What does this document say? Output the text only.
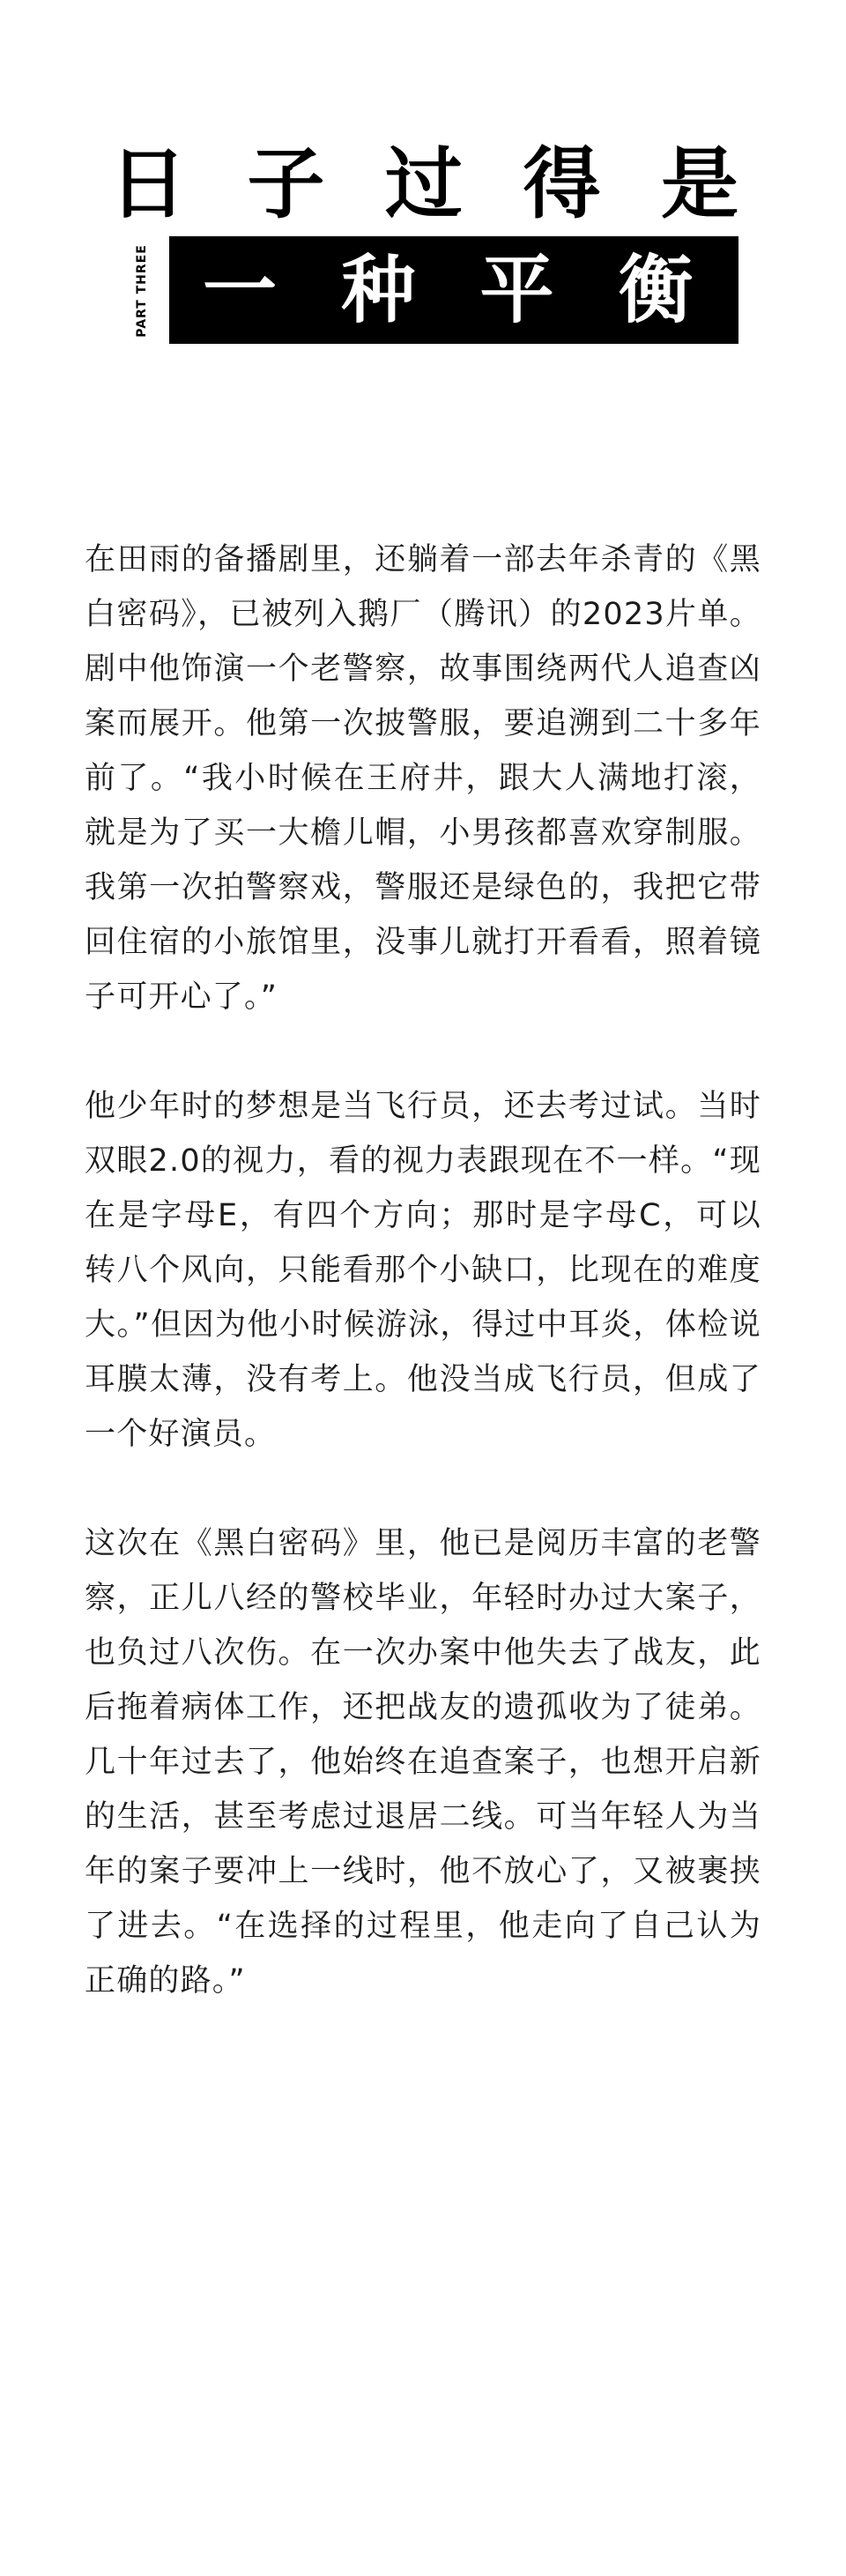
日 子 过 得 是
PART THREE 一 种 平 衡

在田雨的备播剧里，还躺着一部去年杀青的《黑白密码》，已被列入鹅厂（腾讯）的2023片单。剧中他饰演一个老警察，故事围绕两代人追查凶案而展开。他第一次披警服，要追溯到二十多年前了。“我小时候在王府井，跟大人满地打滚，就是为了买一大檐儿帽，小男孩都喜欢穿制服。我第一次拍警察戏，警服还是绿色的，我把它带回住宿的小旅馆里，没事儿就打开看看，照着镜子可开心了。”

他少年时的梦想是当飞行员，还去考过试。当时双眼2.0的视力，看的视力表跟现在不一样。“现在是字母E，有四个方向；那时是字母C，可以转八个风向，只能看那个小缺口，比现在的难度大。”但因为他小时候游泳，得过中耳炎，体检说耳膜太薄，没有考上。他没当成飞行员，但成了一个好演员。

这次在《黑白密码》里，他已是阅历丰富的老警察，正儿八经的警校毕业，年轻时办过大案子，也负过八次伤。在一次办案中他失去了战友，此后拖着病体工作，还把战友的遗孤收为了徒弟。几十年过去了，他始终在追查案子，也想开启新的生活，甚至考虑过退居二线。可当年轻人为当年的案子要冲上一线时，他不放心了，又被裹挟了进去。“在选择的过程里，他走向了自己认为正确的路。”
